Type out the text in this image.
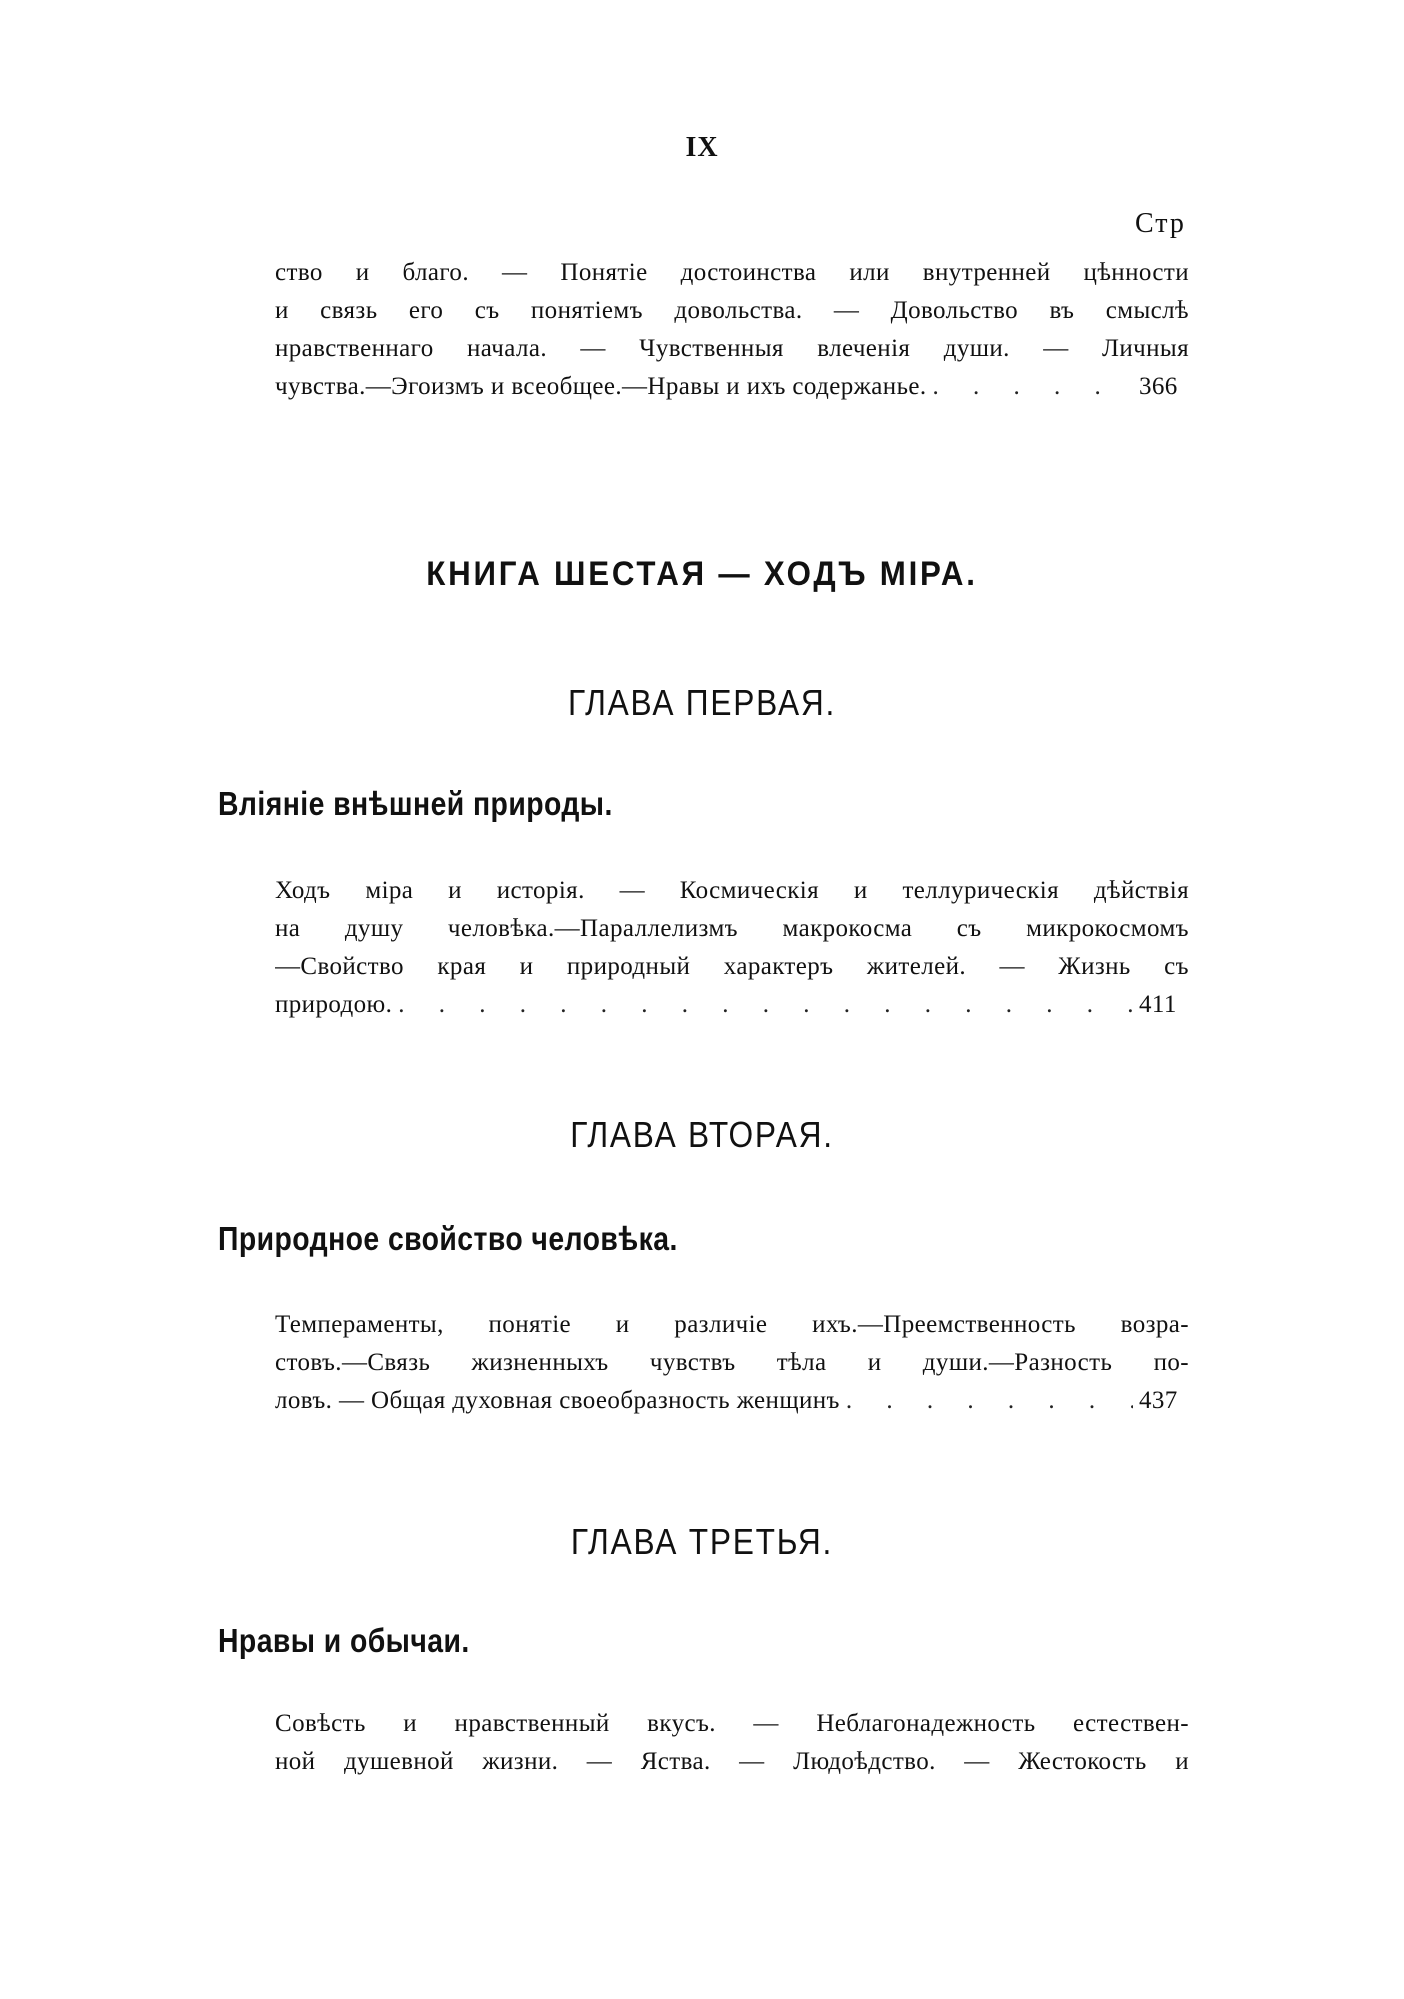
IX
Стр
ство и благо. — Понятіе достоинства или внутренней цѣнности
и связь его съ понятіемъ довольства. — Довольство въ смыслѣ
нравственнаго начала. — Чувственныя влеченія души. — Личныя
чувства.—Эгоизмъ и всеобщее.—Нравы и ихъ содержанье. . . .	366
КНИГА ШЕСТАЯ — ХОДЪ МІРА.
ГЛАВА ПЕРВАЯ.
Вліяніе внѣшней природы.
Ходъ міра и исторія. — Космическія и теллурическія дѣйствія
на душу человѣка.—Параллелизмъ макрокосма съ микрокосмомъ
—Свойство края и природный характеръ жителей. — Жизнь съ
природою. . . .	411
ГЛАВА ВТОРАЯ.
Природное свойство человѣка.
Темпераменты, понятіе и различіе ихъ.—Преемственность возра-
стовъ.—Связь жизненныхъ чувствъ тѣла и души.—Разность по-
ловъ. — Общая духовная своеобразность женщинъ . . .	437
ГЛАВА ТРЕТЬЯ.
Нравы и обычаи.
Совѣсть и нравственный вкусъ. — Неблагонадежность естествен-
ной душевной жизни. — Яства. — Людоѣдство. — Жестокость и
